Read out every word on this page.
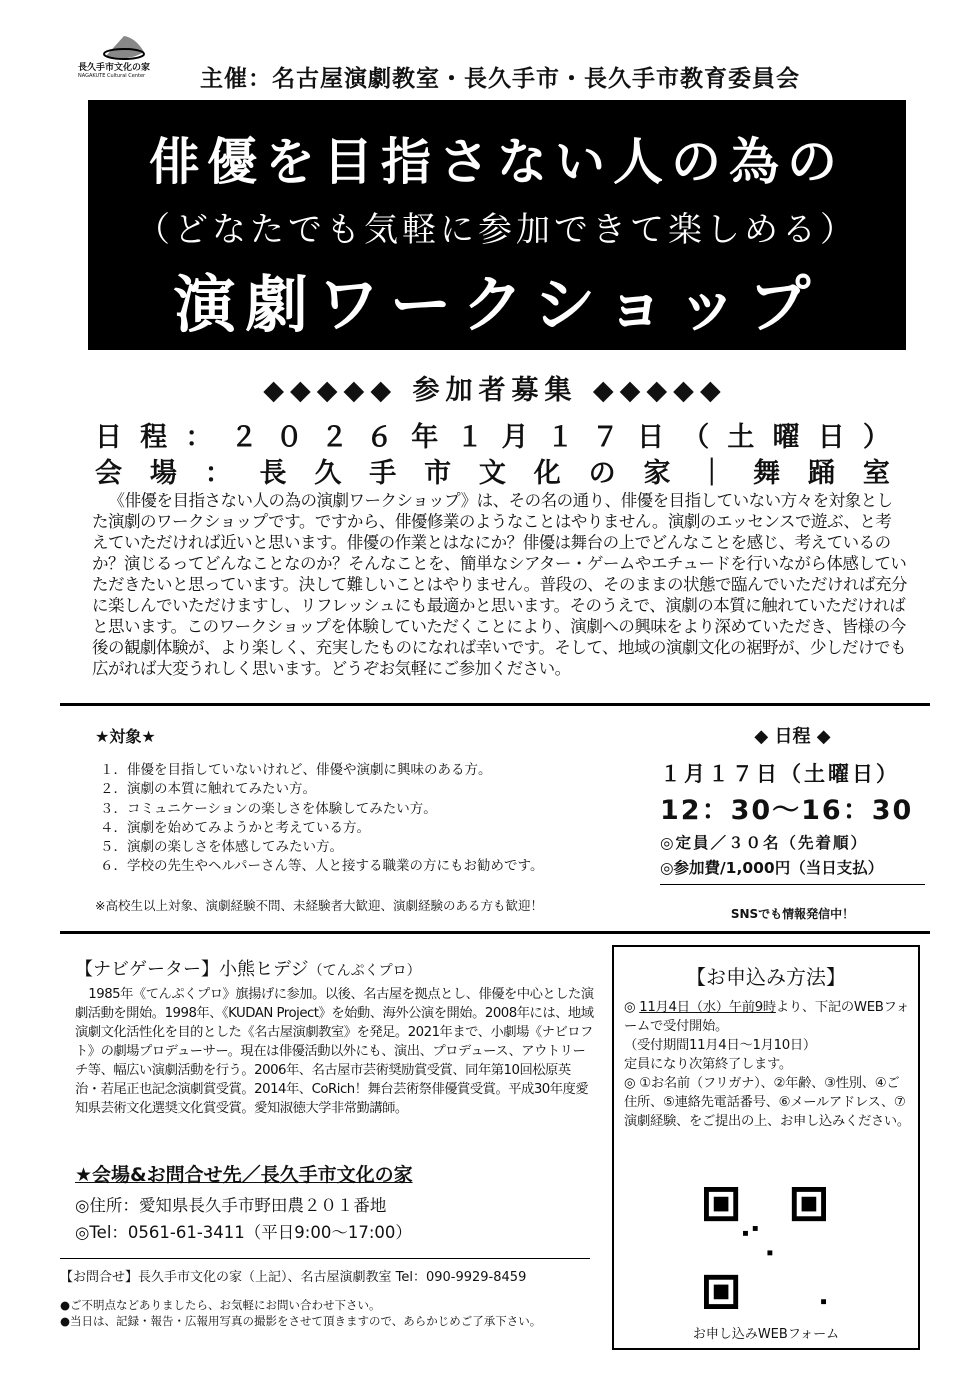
長久手市文化の家
NAGAKUTE Cultural Center	主催：名古屋演劇教室・長久手市・長久手市教育委員会
俳優を目指さない人の為の
（どなたでも気軽に参加できて楽しめる）
演劇ワークショップ
◆◆◆◆◆ 参加者募集 ◆◆◆◆◆
日 程 ： ２ ０ ２ ６ 年 １ 月 １ ７ 日 （ 土 曜 日 ）
会 場 ： 長 久 手 市 文 化 の 家 ｜ 舞 踊 室

《俳優を目指さない人の為の演劇ワークショップ》は、その名の通り、俳優を目指していない方々を対象とした演劇のワークショップです。ですから、俳優修業のようなことはやりません。演劇のエッセンスで遊ぶ、と考えていただければ近いと思います。俳優の作業とはなにか？俳優は舞台の上でどんなことを感じ、考えているのか？演じるってどんなことなのか？そんなことを、簡単なシアター・ゲームやエチュードを行いながら体感していただきたいと思っています。決して難しいことはやりません。普段の、そのままの状態で臨んでいただければ充分に楽しんでいただけますし、リフレッシュにも最適かと思います。そのうえで、演劇の本質に触れていただければと思います。このワークショップを体験していただくことにより、演劇への興味をより深めていただき、皆様の今後の観劇体験が、より楽しく、充実したものになれば幸いです。そして、地域の演劇文化の裾野が、少しだけでも広がれば大変うれしく思います。どうぞお気軽にご参加ください。

★対象★
１．俳優を目指していないけれど、俳優や演劇に興味のある方。
２．演劇の本質に触れてみたい方。
３．コミュニケーションの楽しさを体験してみたい方。
４．演劇を始めてみようかと考えている方。
５．演劇の楽しさを体感してみたい方。
６．学校の先生やヘルパーさん等、人と接する職業の方にもお勧めです。
※高校生以上対象、演劇経験不問、未経験者大歓迎、演劇経験のある方も歓迎！
◆ 日程 ◆
１月１７日（土曜日）
12：30〜16：30
◎定員／３０名（先着順）
◎参加費/1,000円（当日支払）
SNSでも情報発信中！
【ナビゲーター】小熊ヒデジ（てんぷくプロ）

1985年《てんぷくプロ》旗揚げに参加。以後、名古屋を拠点とし、俳優を中心とした演劇活動を開始。1998年、《KUDAN Project》を始動、海外公演を開始。2008年には、地域演劇文化活性化を目的とした《名古屋演劇教室》を発足。2021年まで、小劇場《ナビロフト》の劇場プロデューサー。現在は俳優活動以外にも、演出、プロデュース、アウトリーチ等、幅広い演劇活動を行う。2006年、名古屋市芸術奨励賞受賞、同年第10回松原英治・若尾正也記念演劇賞受賞。2014年、CoRich！舞台芸術祭俳優賞受賞。平成30年度愛知県芸術文化選奨文化賞受賞。愛知淑徳大学非常勤講師。

★会場&お問合せ先／長久手市文化の家
◎住所：愛知県長久手市野田農２０１番地
◎Tel：0561-61-3411（平日9:00〜17:00）
【お問合せ】長久手市文化の家（上記）、名古屋演劇教室 Tel：090-9929-8459
●ご不明点などありましたら、お気軽にお問い合わせ下さい。
●当日は、記録・報告・広報用写真の撮影をさせて頂きますので、あらかじめご了承下さい。
【お申込み方法】
◎ 11月4日（水）午前9時より、下記のWEBフォームで受付開始。
（受付期間11月4日〜1月10日）
定員になり次第終了します。
◎ ①お名前（フリガナ）、②年齢、③性別、④ご住所、⑤連絡先電話番号、⑥メールアドレス、⑦演劇経験、をご提出の上、お申し込みください。
お申し込みWEBフォーム
